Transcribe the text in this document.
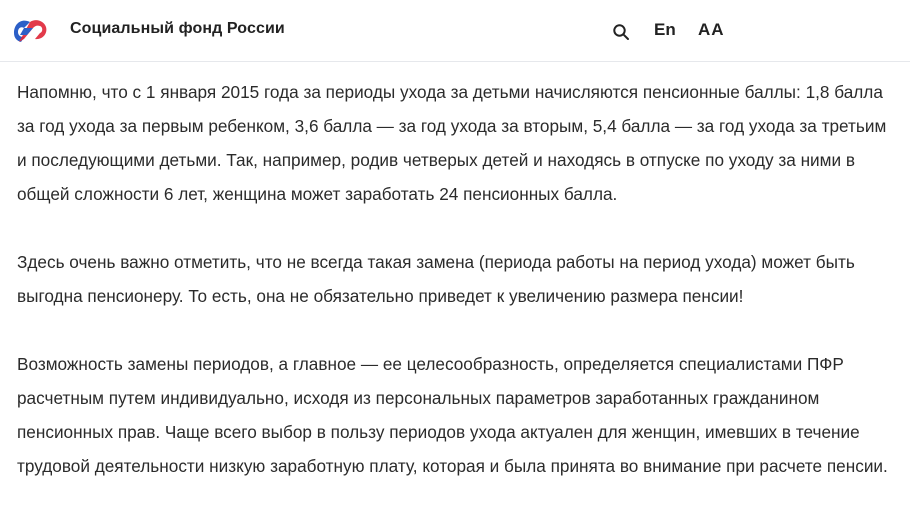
Социальный фонд России	En AA

Напомню, что с 1 января 2015 года за периоды ухода за детьми начисляются пенсионные баллы: 1,8 балла за год ухода за первым ребенком, 3,6 балла — за год ухода за вторым, 5,4 балла — за год ухода за третьим и последующими детьми. Так, например, родив четверых детей и находясь в отпуске по уходу за ними в общей сложности 6 лет, женщина может заработать 24 пенсионных балла.

Здесь очень важно отметить, что не всегда такая замена (периода работы на период ухода) может быть выгодна пенсионеру. То есть, она не обязательно приведет к увеличению размера пенсии!

Возможность замены периодов, а главное — ее целесообразность, определяется специалистами ПФР расчетным путем индивидуально, исходя из персональных параметров заработанных гражданином пенсионных прав. Чаще всего выбор в пользу периодов ухода актуален для женщин, имевших в течение трудовой деятельности низкую заработную плату, которая и была принята во внимание при расчете пенсии.
